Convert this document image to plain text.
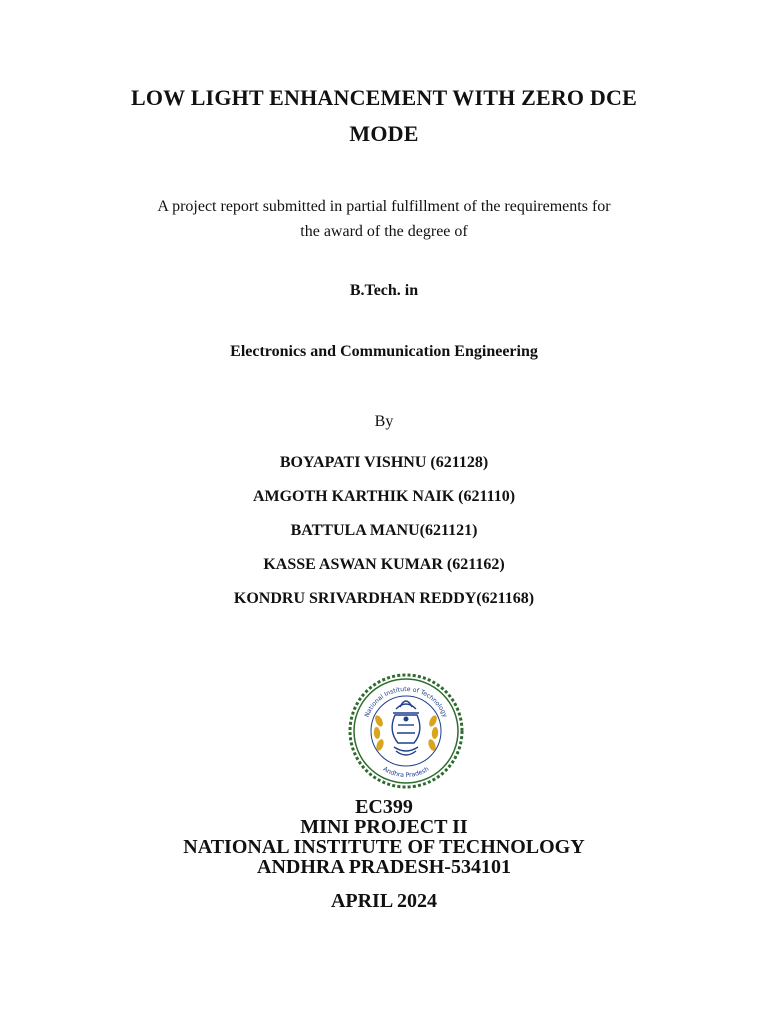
LOW LIGHT ENHANCEMENT WITH ZERO DCE
MODE
A project report submitted in partial fulfillment of the requirements for
the award of the degree of
B.Tech. in
Electronics and Communication Engineering
By
BOYAPATI VISHNU (621128)
AMGOTH KARTHIK NAIK (621110)
BATTULA MANU(621121)
KASSE ASWAN KUMAR (621162)
KONDRU SRIVARDHAN REDDY(621168)
National Institute of Technology
Andhra Pradesh
EC399
MINI PROJECT II
NATIONAL INSTITUTE OF TECHNOLOGY
ANDHRA PRADESH-534101
APRIL 2024
